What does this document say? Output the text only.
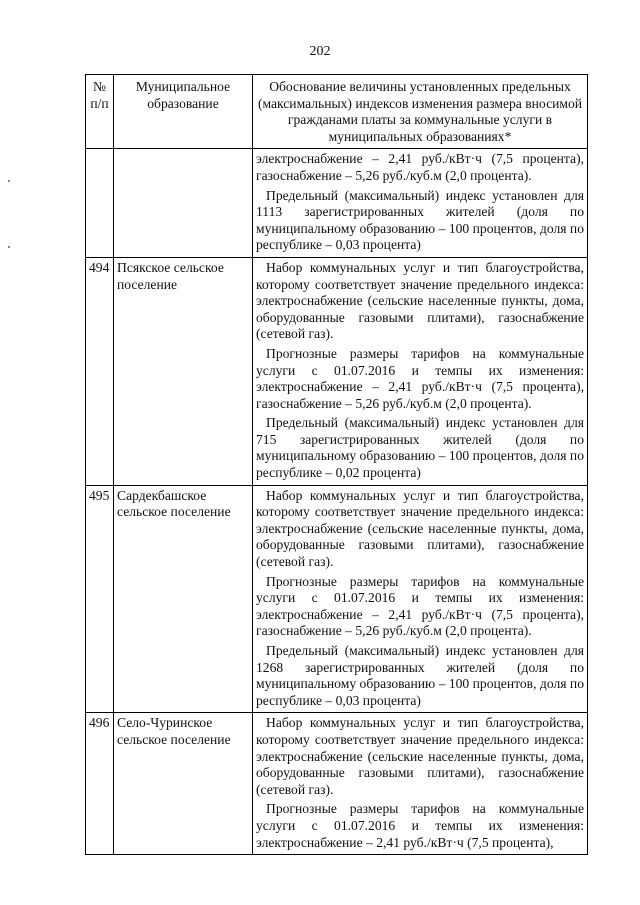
202
№ п/п	Муниципальное образование	Обоснование величины установленных предельных (максимальных) индексов изменения размера вносимой гражданами платы за коммунальные услуги в муниципальных образованиях*

		электроснабжение – 2,41 руб./кВт·ч (7,5 процента), газоснабжение – 5,26 руб./куб.м (2,0 процента).

Предельный (максимальный) индекс установлен для 1113 зарегистрированных жителей (доля по муниципальному образованию – 100 процентов, доля по республике – 0,03 процента)

494	Псякское сельское поселение	Набор коммунальных услуг и тип благоустройства, которому соответствует значение предельного индекса: электроснабжение (сельские населенные пункты, дома, оборудованные газовыми плитами), газоснабжение (сетевой газ).

Прогнозные размеры тарифов на коммунальные услуги с 01.07.2016 и темпы их изменения: электроснабжение – 2,41 руб./кВт·ч (7,5 процента), газоснабжение – 5,26 руб./куб.м (2,0 процента).

Предельный (максимальный) индекс установлен для 715 зарегистрированных жителей (доля по муниципальному образованию – 100 процентов, доля по республике – 0,02 процента)

495	Сардекбашское сельское поселение	Набор коммунальных услуг и тип благоустройства, которому соответствует значение предельного индекса: электроснабжение (сельские населенные пункты, дома, оборудованные газовыми плитами), газоснабжение (сетевой газ).

Прогнозные размеры тарифов на коммунальные услуги с 01.07.2016 и темпы их изменения: электроснабжение – 2,41 руб./кВт·ч (7,5 процента), газоснабжение – 5,26 руб./куб.м (2,0 процента).

Предельный (максимальный) индекс установлен для 1268 зарегистрированных жителей (доля по муниципальному образованию – 100 процентов, доля по республике – 0,03 процента)

496	Село-Чуринское сельское поселение	Набор коммунальных услуг и тип благоустройства, которому соответствует значение предельного индекса: электроснабжение (сельские населенные пункты, дома, оборудованные газовыми плитами), газоснабжение (сетевой газ).

Прогнозные размеры тарифов на коммунальные услуги с 01.07.2016 и темпы их изменения: электроснабжение – 2,41 руб./кВт·ч (7,5 процента),
